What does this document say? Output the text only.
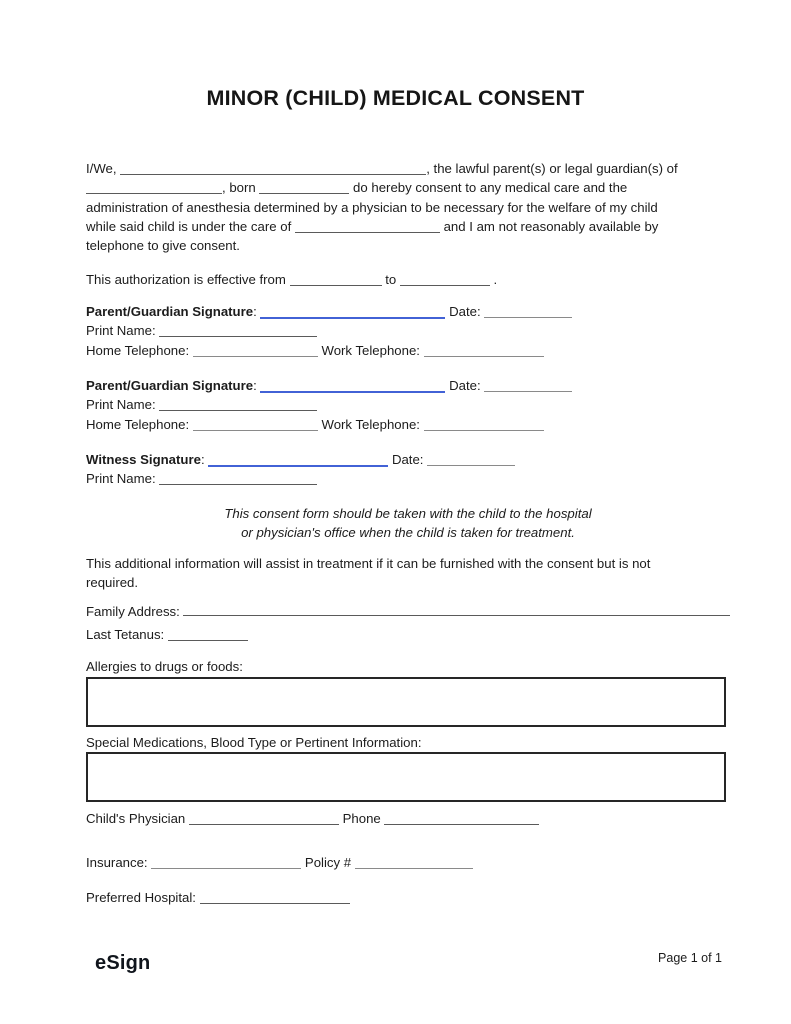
MINOR (CHILD) MEDICAL CONSENT
I/We,	, the lawful parent(s) or legal guardian(s) of
, born	do hereby consent to any medical care and the
administration of anesthesia determined by a physician to be necessary for the welfare of my child
while said child is under the care of	and I am not reasonably available by
telephone to give consent.
This authorization is effective from	to	.
Parent/Guardian Signature:	Date:
Print Name:
Home Telephone:	Work Telephone:
Parent/Guardian Signature:	Date:
Print Name:
Home Telephone:	Work Telephone:
Witness Signature:	Date:
Print Name:
This consent form should be taken with the child to the hospital
or physician's office when the child is taken for treatment.
This additional information will assist in treatment if it can be furnished with the consent but is not
required.
Family Address:
Last Tetanus:
Allergies to drugs or foods:
Special Medications, Blood Type or Pertinent Information:
Child's Physician	Phone
Insurance:	Policy #
Preferred Hospital:
eSign	Page 1 of 1
